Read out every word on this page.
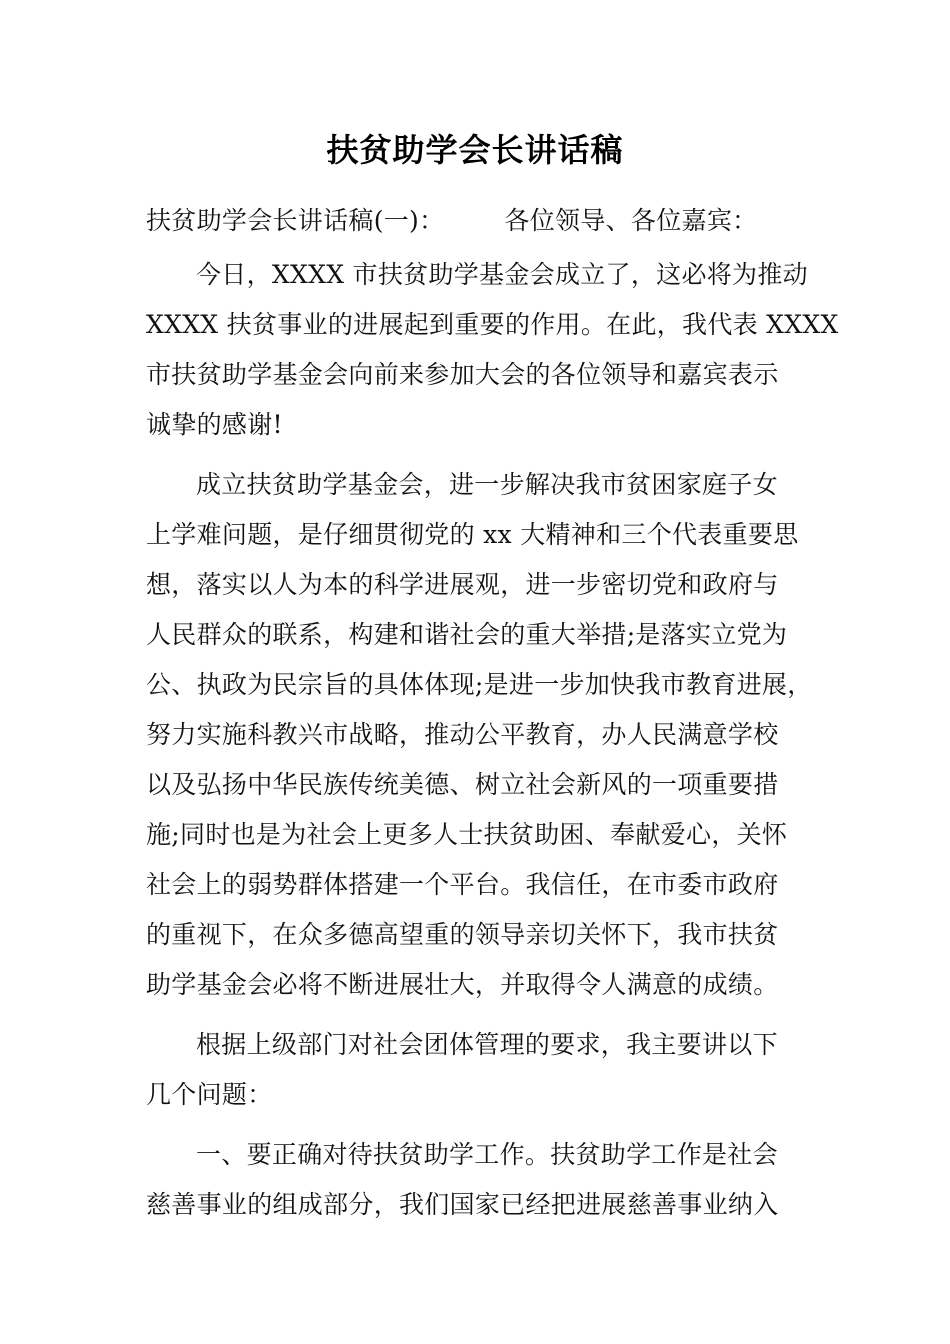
扶贫助学会长讲话稿
扶贫助学会长讲话稿(一)： 各位领导、各位嘉宾：
今日，XXXX 市扶贫助学基金会成立了，这必将为推动
XXXX 扶贫事业的进展起到重要的作用。在此，我代表 XXXX
市扶贫助学基金会向前来参加大会的各位领导和嘉宾表示
诚挚的感谢!
成立扶贫助学基金会，进一步解决我市贫困家庭子女
上学难问题，是仔细贯彻党的 xx 大精神和三个代表重要思
想，落实以人为本的科学进展观，进一步密切党和政府与
人民群众的联系，构建和谐社会的重大举措;是落实立党为
公、执政为民宗旨的具体体现;是进一步加快我市教育进展，
努力实施科教兴市战略，推动公平教育，办人民满意学校
以及弘扬中华民族传统美德、树立社会新风的一项重要措
施;同时也是为社会上更多人士扶贫助困、奉献爱心，关怀
社会上的弱势群体搭建一个平台。我信任，在市委市政府
的重视下，在众多德高望重的领导亲切关怀下，我市扶贫
助学基金会必将不断进展壮大，并取得令人满意的成绩。
根据上级部门对社会团体管理的要求，我主要讲以下
几个问题：
一、要正确对待扶贫助学工作。扶贫助学工作是社会
慈善事业的组成部分，我们国家已经把进展慈善事业纳入
